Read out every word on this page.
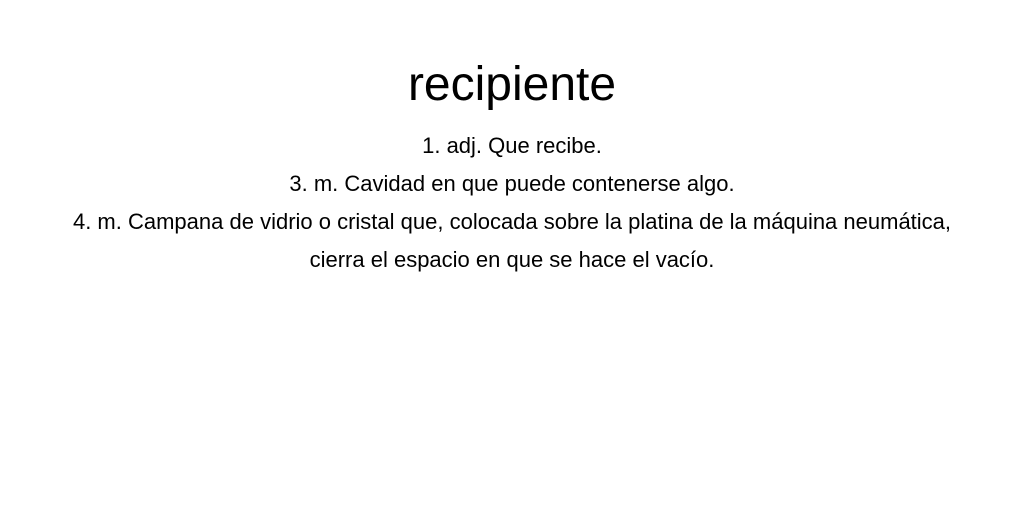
recipiente
1. adj. Que recibe.
3. m. Cavidad en que puede contenerse algo.
4. m. Campana de vidrio o cristal que, colocada sobre la platina de la máquina neumática, cierra el espacio en que se hace el vacío.
